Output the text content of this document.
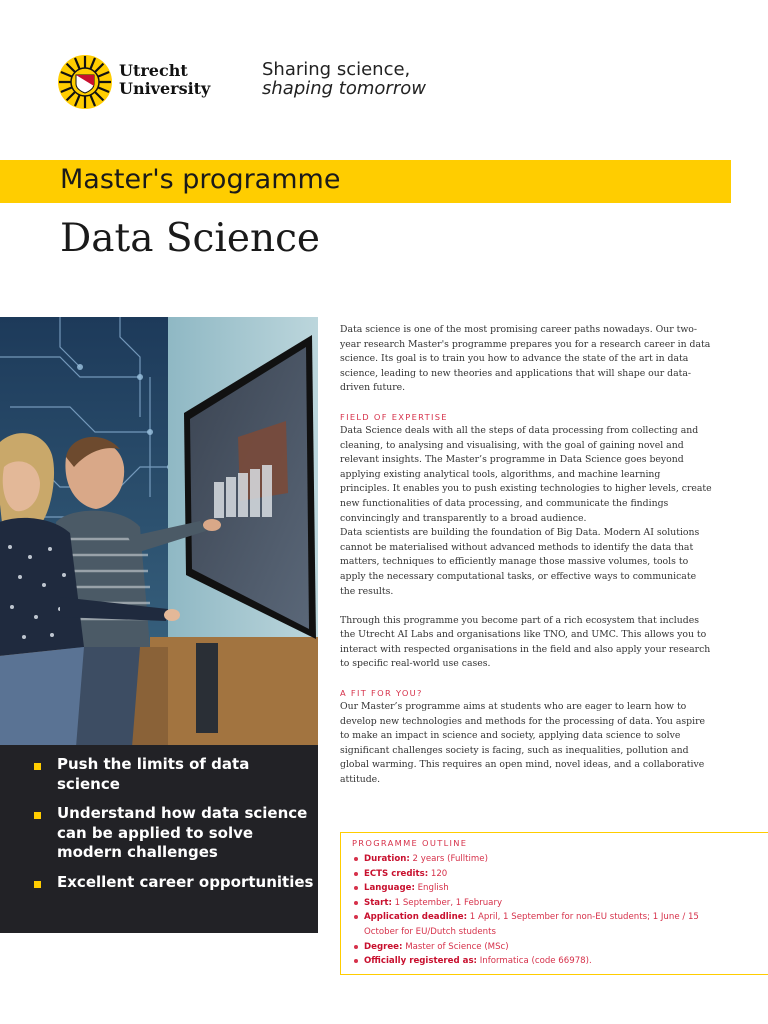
Utrecht
University
Sharing science,
shaping tomorrow
Master's programme
Data Science
Push the limits of data science
Understand how data science can be applied to solve modern challenges
Excellent career opportunities

Data science is one of the most promising career paths nowadays. Our two-year research Master's programme prepares you for a research career in data science. Its goal is to train you how to advance the state of the art in data science, leading to new theories and applications that will shape our data-driven future.

FIELD OF EXPERTISE

Data Science deals with all the steps of data processing from collecting and cleaning, to analysing and visualising, with the goal of gaining novel and relevant insights. The Master’s programme in Data Science goes beyond applying existing analytical tools, algorithms, and machine learning principles. It enables you to push existing technologies to higher levels, create new functionalities of data processing, and communicate the findings convincingly and transparently to a broad audience.

Data scientists are building the foundation of Big Data. Modern AI solutions cannot be materialised without advanced methods to identify the data that matters, techniques to efficiently manage those massive volumes, tools to apply the necessary computational tasks, or effective ways to communicate the results.

Through this programme you become part of a rich ecosystem that includes the Utrecht AI Labs and organisations like TNO, and UMC. This allows you to interact with respected organisations in the field and also apply your research to specific real-world use cases.

A FIT FOR YOU?

Our Master’s programme aims at students who are eager to learn how to develop new technologies and methods for the processing of data. You aspire to make an impact in science and society, applying data science to solve significant challenges society is facing, such as inequalities, pollution and global warming. This requires an open mind, novel ideas, and a collaborative attitude.

PROGRAMME OUTLINE
Duration: 2 years (Fulltime)
ECTS credits: 120
Language: English
Start: 1 September, 1 February
Application deadline: 1 April, 1 September for non-EU students; 1 June / 15 October for EU/Dutch students
Degree: Master of Science (MSc)
Officially registered as: Informatica (code 66978).
